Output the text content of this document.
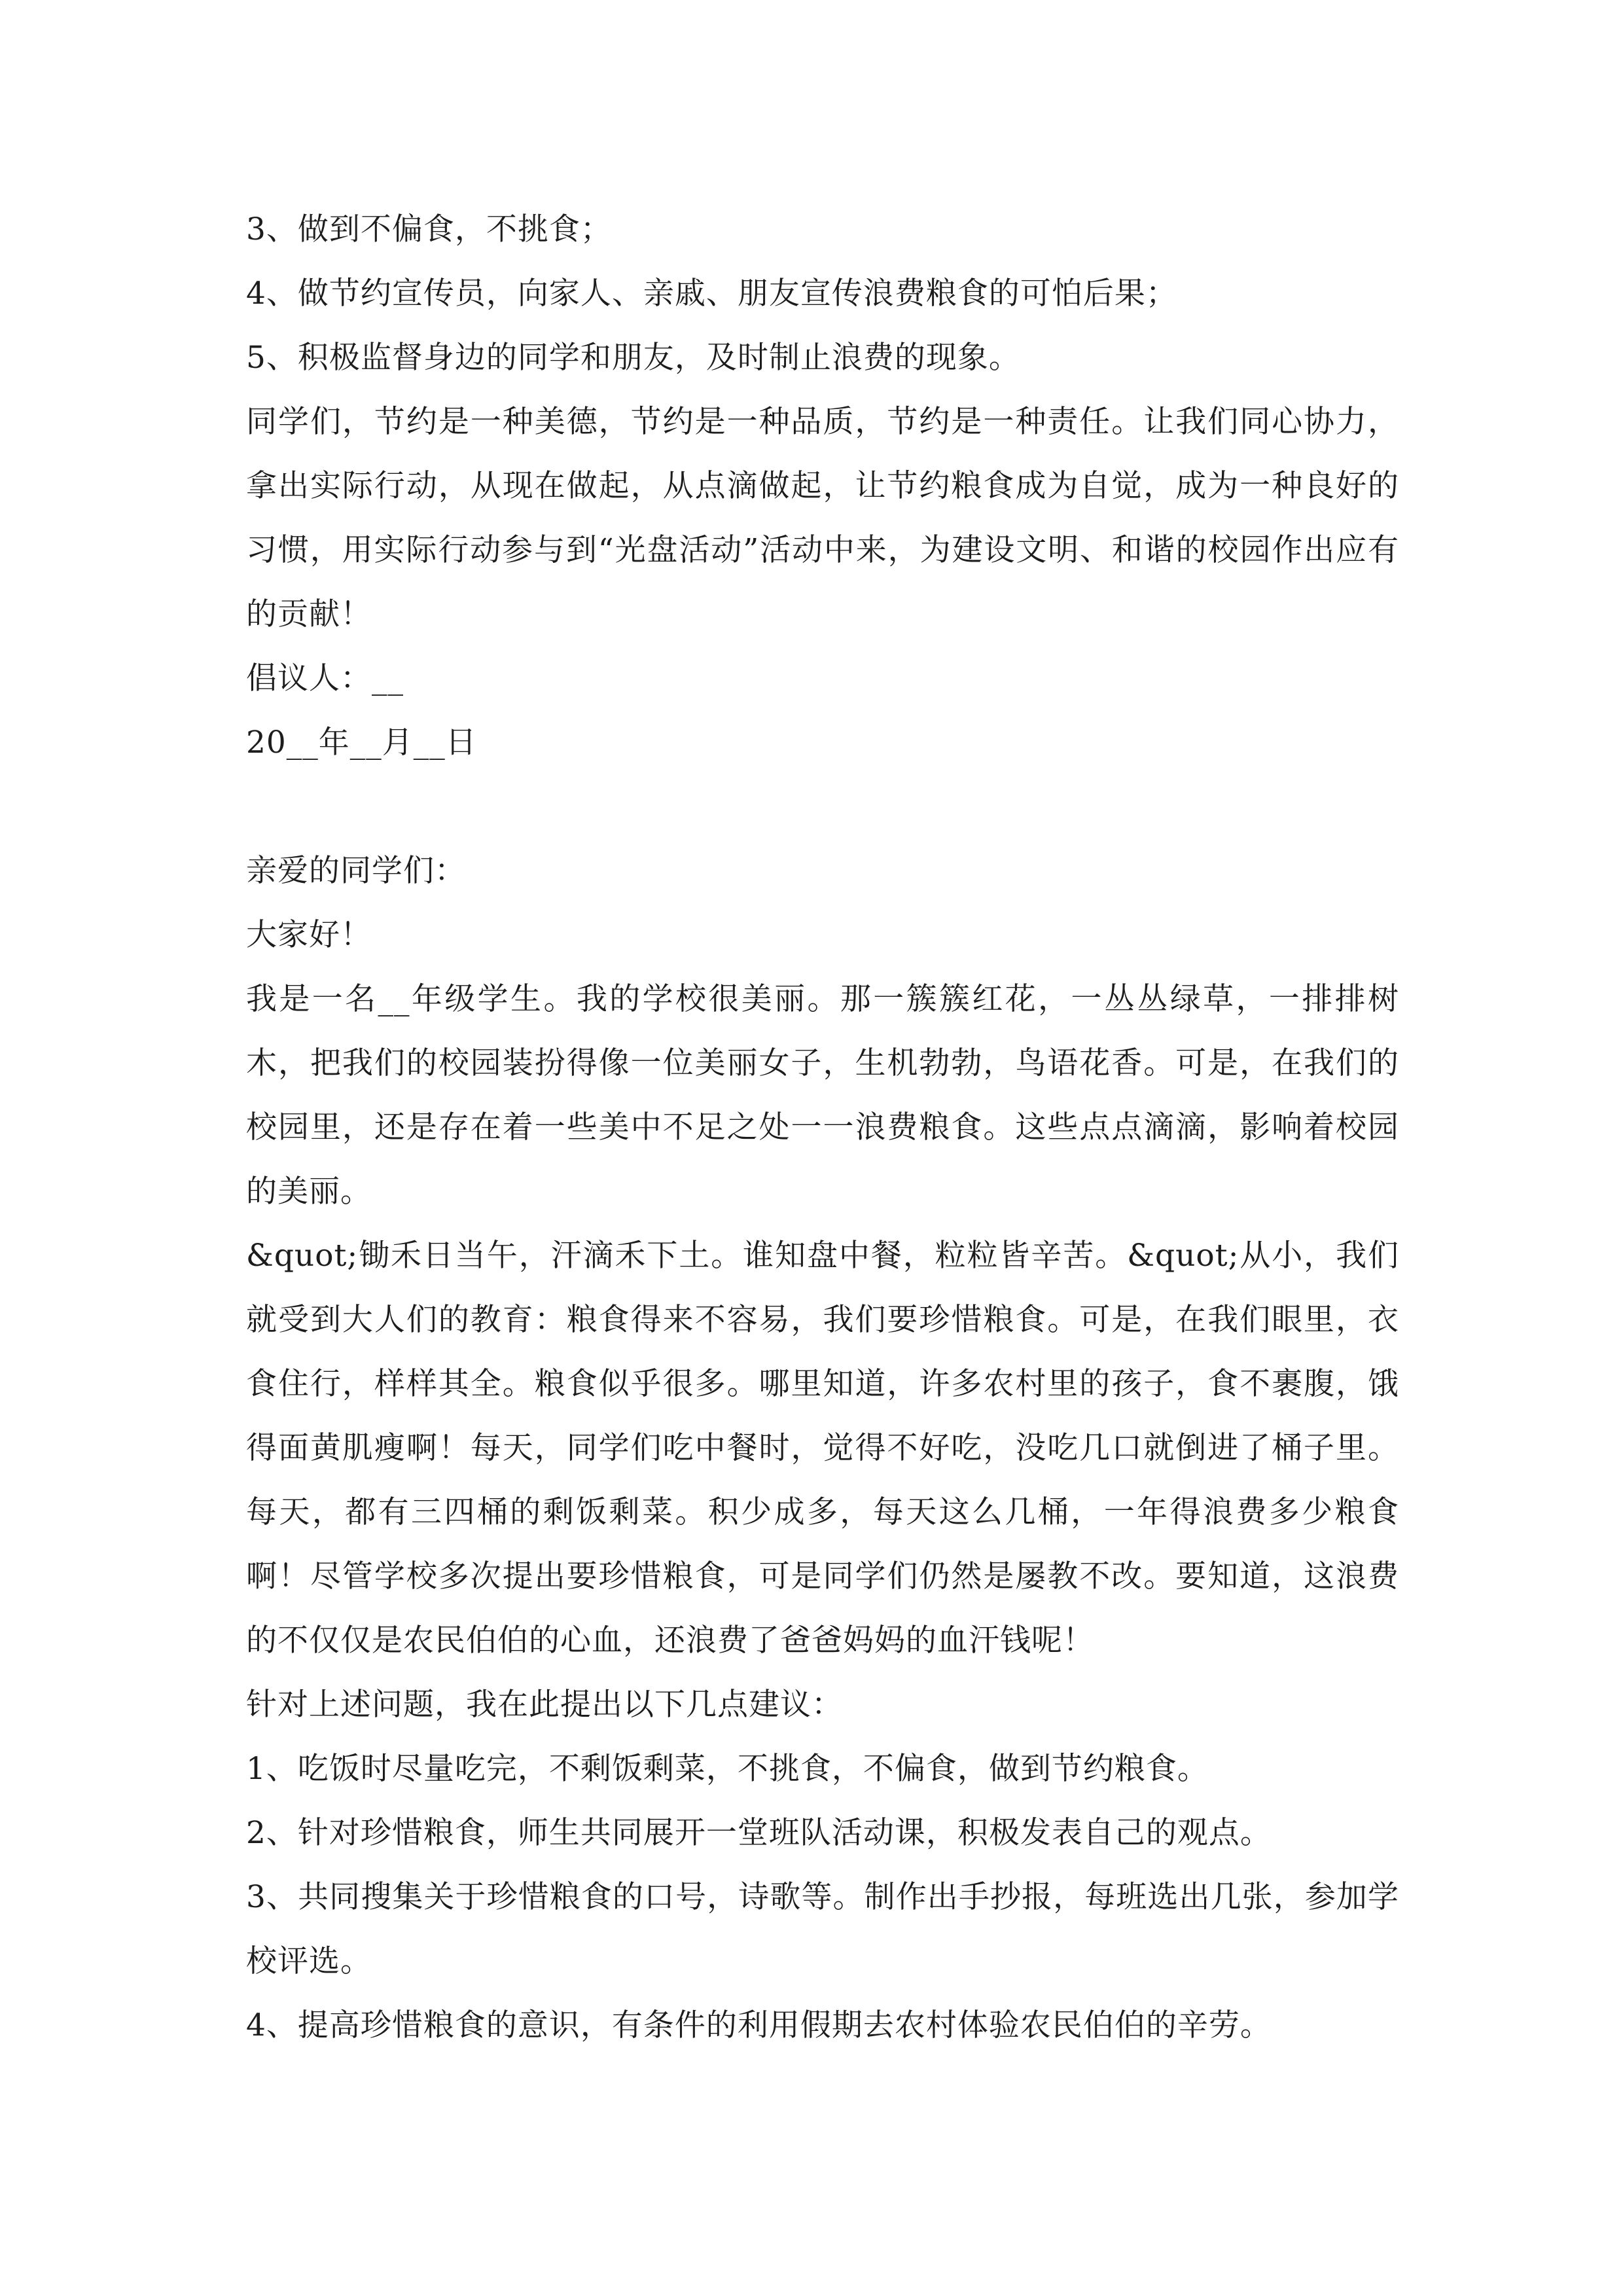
3、做到不偏食，不挑食；

4、做节约宣传员，向家人、亲戚、朋友宣传浪费粮食的可怕后果；

5、积极监督身边的同学和朋友，及时制止浪费的现象。

同学们，节约是一种美德，节约是一种品质，节约是一种责任。让我们同心协力，拿出实际行动，从现在做起，从点滴做起，让节约粮食成为自觉，成为一种良好的习惯，用实际行动参与到“光盘活动”活动中来，为建设文明、和谐的校园作出应有的贡献！

倡议人：__

20__年__月__日

亲爱的同学们：

大家好！

我是一名__年级学生。我的学校很美丽。那一簇簇红花，一丛丛绿草，一排排树木，把我们的校园装扮得像一位美丽女子，生机勃勃，鸟语花香。可是，在我们的校园里，还是存在着一些美中不足之处一一浪费粮食。这些点点滴滴，影响着校园的美丽。

&quot;锄禾日当午，汗滴禾下土。谁知盘中餐，粒粒皆辛苦。&quot;从小，我们就受到大人们的教育：粮食得来不容易，我们要珍惜粮食。可是，在我们眼里，衣食住行，样样其全。粮食似乎很多。哪里知道，许多农村里的孩子，食不裹腹，饿得面黄肌瘦啊！每天，同学们吃中餐时，觉得不好吃，没吃几口就倒进了桶子里。每天，都有三四桶的剩饭剩菜。积少成多，每天这么几桶，一年得浪费多少粮食啊！尽管学校多次提出要珍惜粮食，可是同学们仍然是屡教不改。要知道，这浪费的不仅仅是农民伯伯的心血，还浪费了爸爸妈妈的血汗钱呢！

针对上述问题，我在此提出以下几点建议：

1、吃饭时尽量吃完，不剩饭剩菜，不挑食，不偏食，做到节约粮食。

2、针对珍惜粮食，师生共同展开一堂班队活动课，积极发表自己的观点。

3、共同搜集关于珍惜粮食的口号，诗歌等。制作出手抄报，每班选出几张，参加学校评选。

4、提高珍惜粮食的意识，有条件的利用假期去农村体验农民伯伯的辛劳。
